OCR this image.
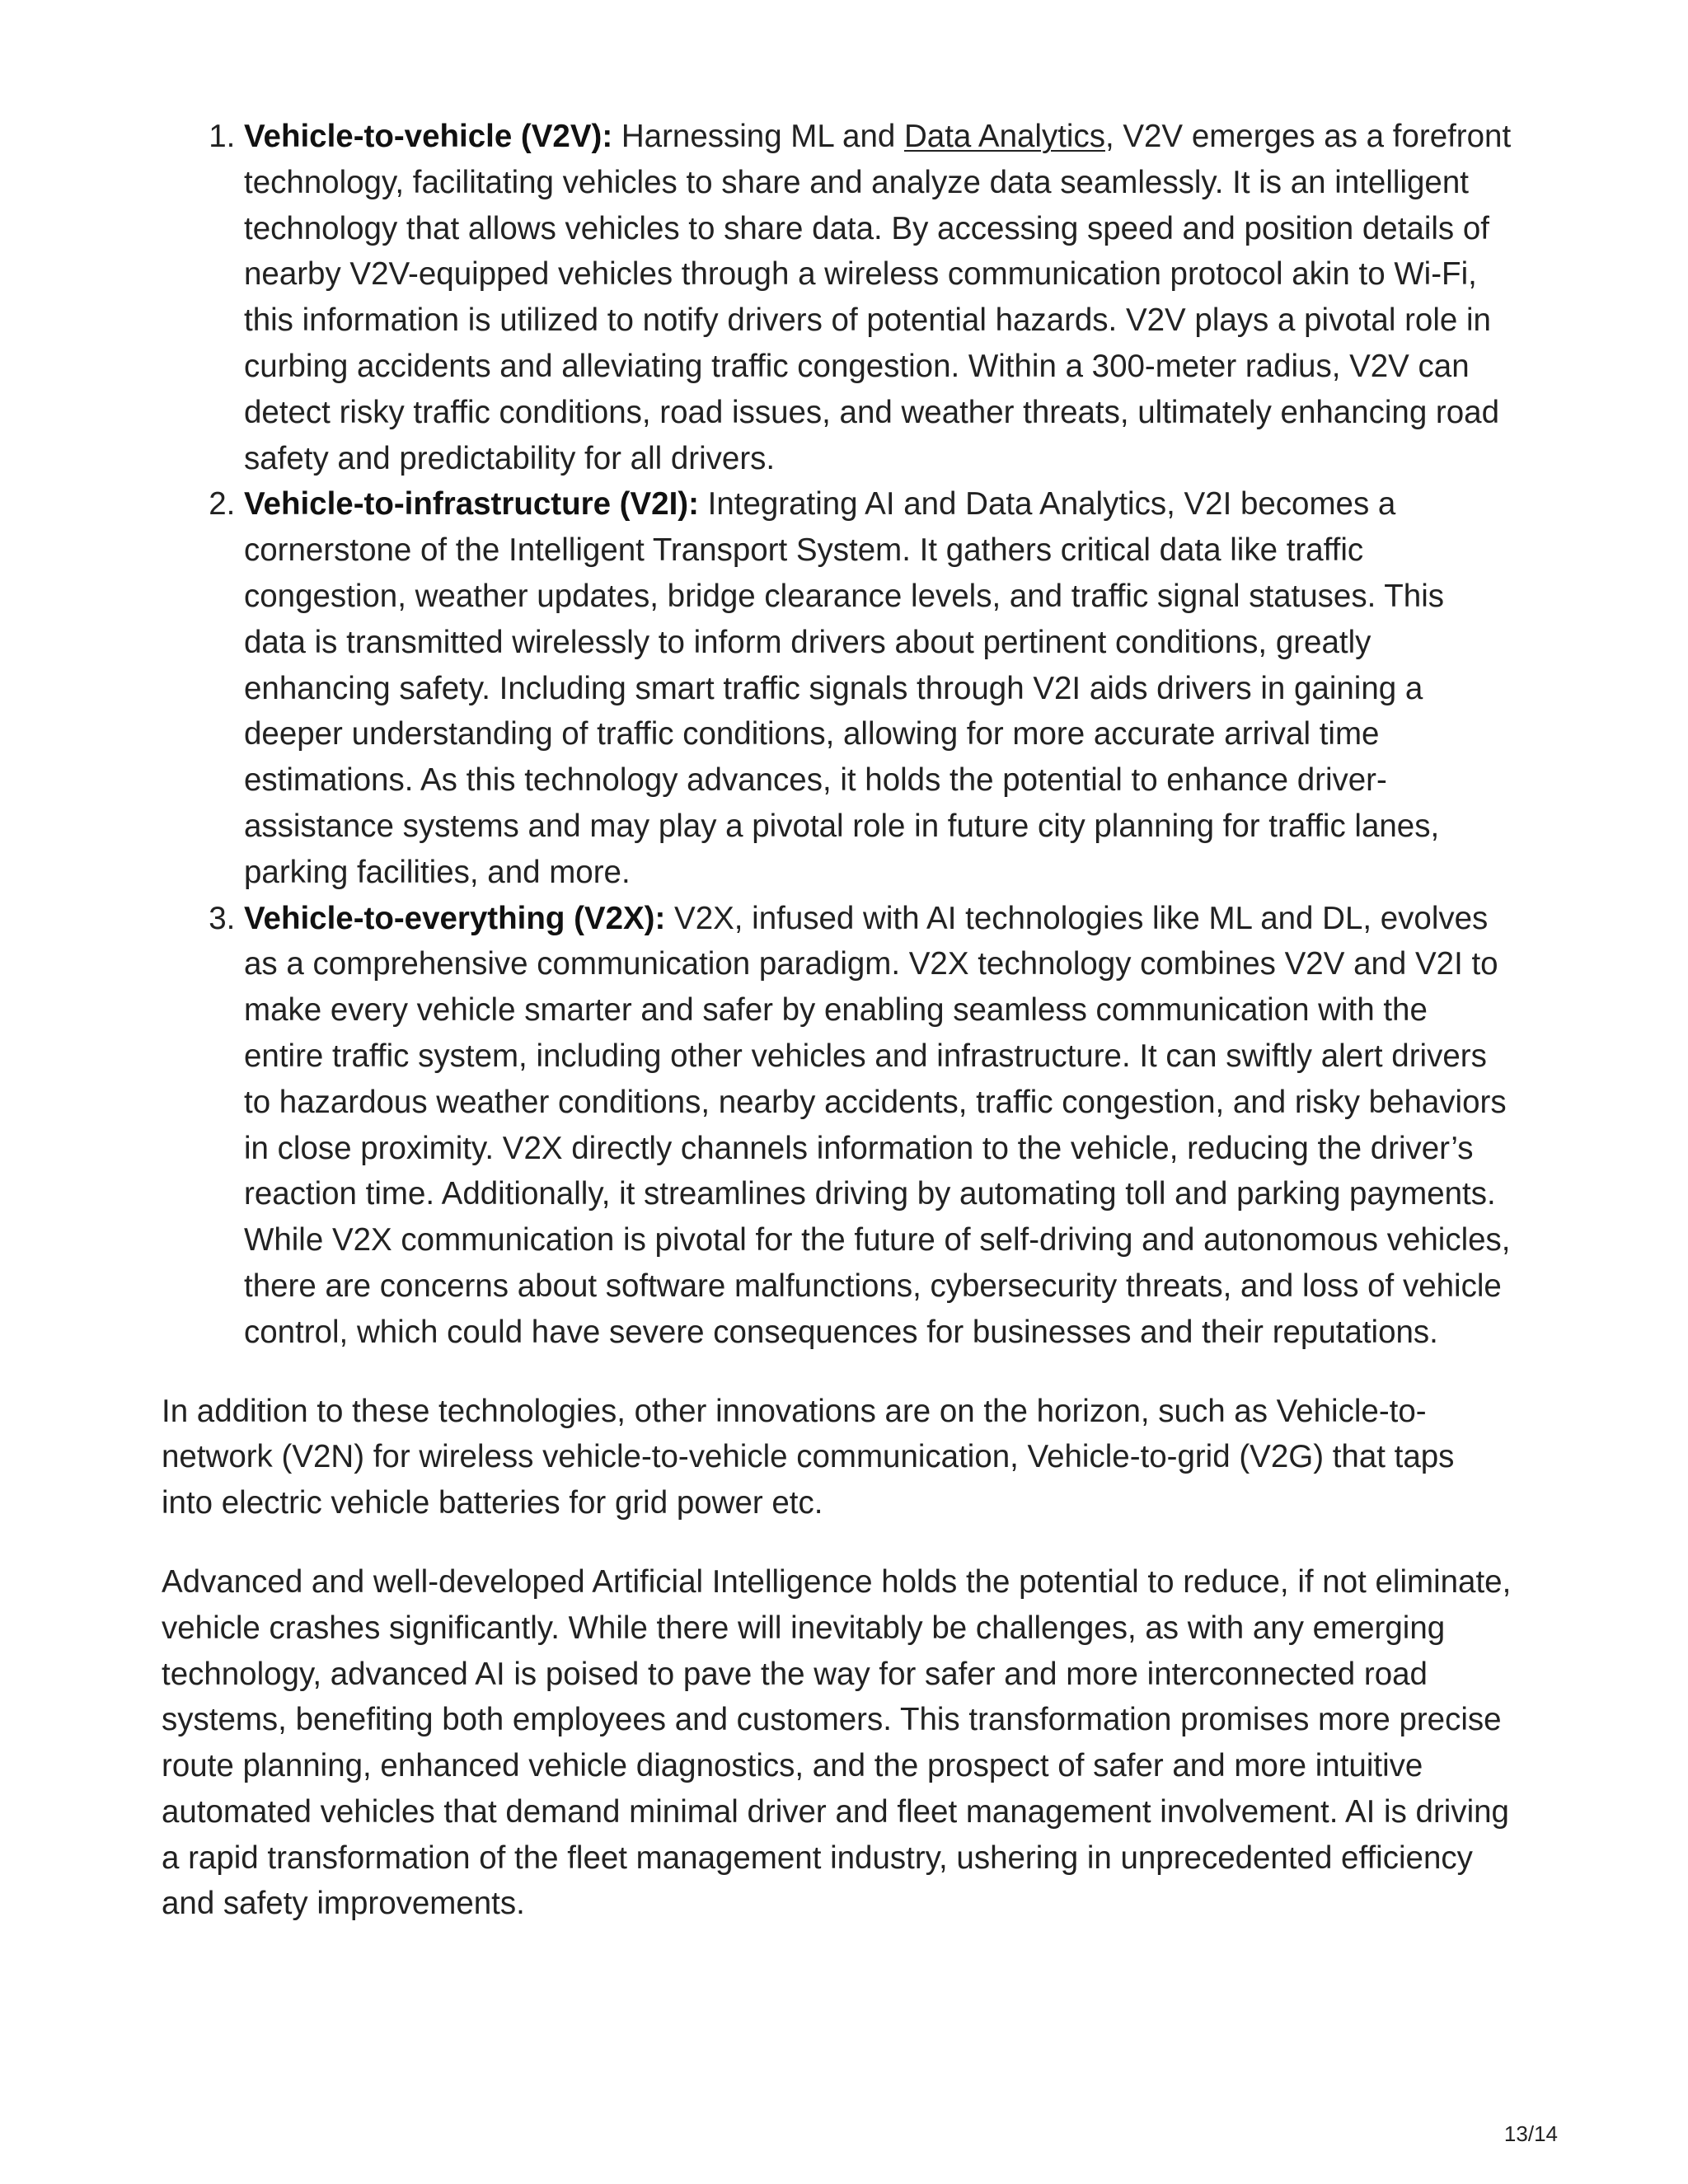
1. Vehicle-to-vehicle (V2V): Harnessing ML and Data Analytics, V2V emerges as a forefront technology, facilitating vehicles to share and analyze data seamlessly. It is an intelligent technology that allows vehicles to share data. By accessing speed and position details of nearby V2V-equipped vehicles through a wireless communication protocol akin to Wi-Fi, this information is utilized to notify drivers of potential hazards. V2V plays a pivotal role in curbing accidents and alleviating traffic congestion. Within a 300-meter radius, V2V can detect risky traffic conditions, road issues, and weather threats, ultimately enhancing road safety and predictability for all drivers.
2. Vehicle-to-infrastructure (V2I): Integrating AI and Data Analytics, V2I becomes a cornerstone of the Intelligent Transport System. It gathers critical data like traffic congestion, weather updates, bridge clearance levels, and traffic signal statuses. This data is transmitted wirelessly to inform drivers about pertinent conditions, greatly enhancing safety. Including smart traffic signals through V2I aids drivers in gaining a deeper understanding of traffic conditions, allowing for more accurate arrival time estimations. As this technology advances, it holds the potential to enhance driver-assistance systems and may play a pivotal role in future city planning for traffic lanes, parking facilities, and more.
3. Vehicle-to-everything (V2X): V2X, infused with AI technologies like ML and DL, evolves as a comprehensive communication paradigm. V2X technology combines V2V and V2I to make every vehicle smarter and safer by enabling seamless communication with the entire traffic system, including other vehicles and infrastructure. It can swiftly alert drivers to hazardous weather conditions, nearby accidents, traffic congestion, and risky behaviors in close proximity. V2X directly channels information to the vehicle, reducing the driver’s reaction time. Additionally, it streamlines driving by automating toll and parking payments. While V2X communication is pivotal for the future of self-driving and autonomous vehicles, there are concerns about software malfunctions, cybersecurity threats, and loss of vehicle control, which could have severe consequences for businesses and their reputations.

In addition to these technologies, other innovations are on the horizon, such as Vehicle-to-network (V2N) for wireless vehicle-to-vehicle communication, Vehicle-to-grid (V2G) that taps into electric vehicle batteries for grid power etc.

Advanced and well-developed Artificial Intelligence holds the potential to reduce, if not eliminate, vehicle crashes significantly. While there will inevitably be challenges, as with any emerging technology, advanced AI is poised to pave the way for safer and more interconnected road systems, benefiting both employees and customers. This transformation promises more precise route planning, enhanced vehicle diagnostics, and the prospect of safer and more intuitive automated vehicles that demand minimal driver and fleet management involvement. AI is driving a rapid transformation of the fleet management industry, ushering in unprecedented efficiency and safety improvements.

13/14
